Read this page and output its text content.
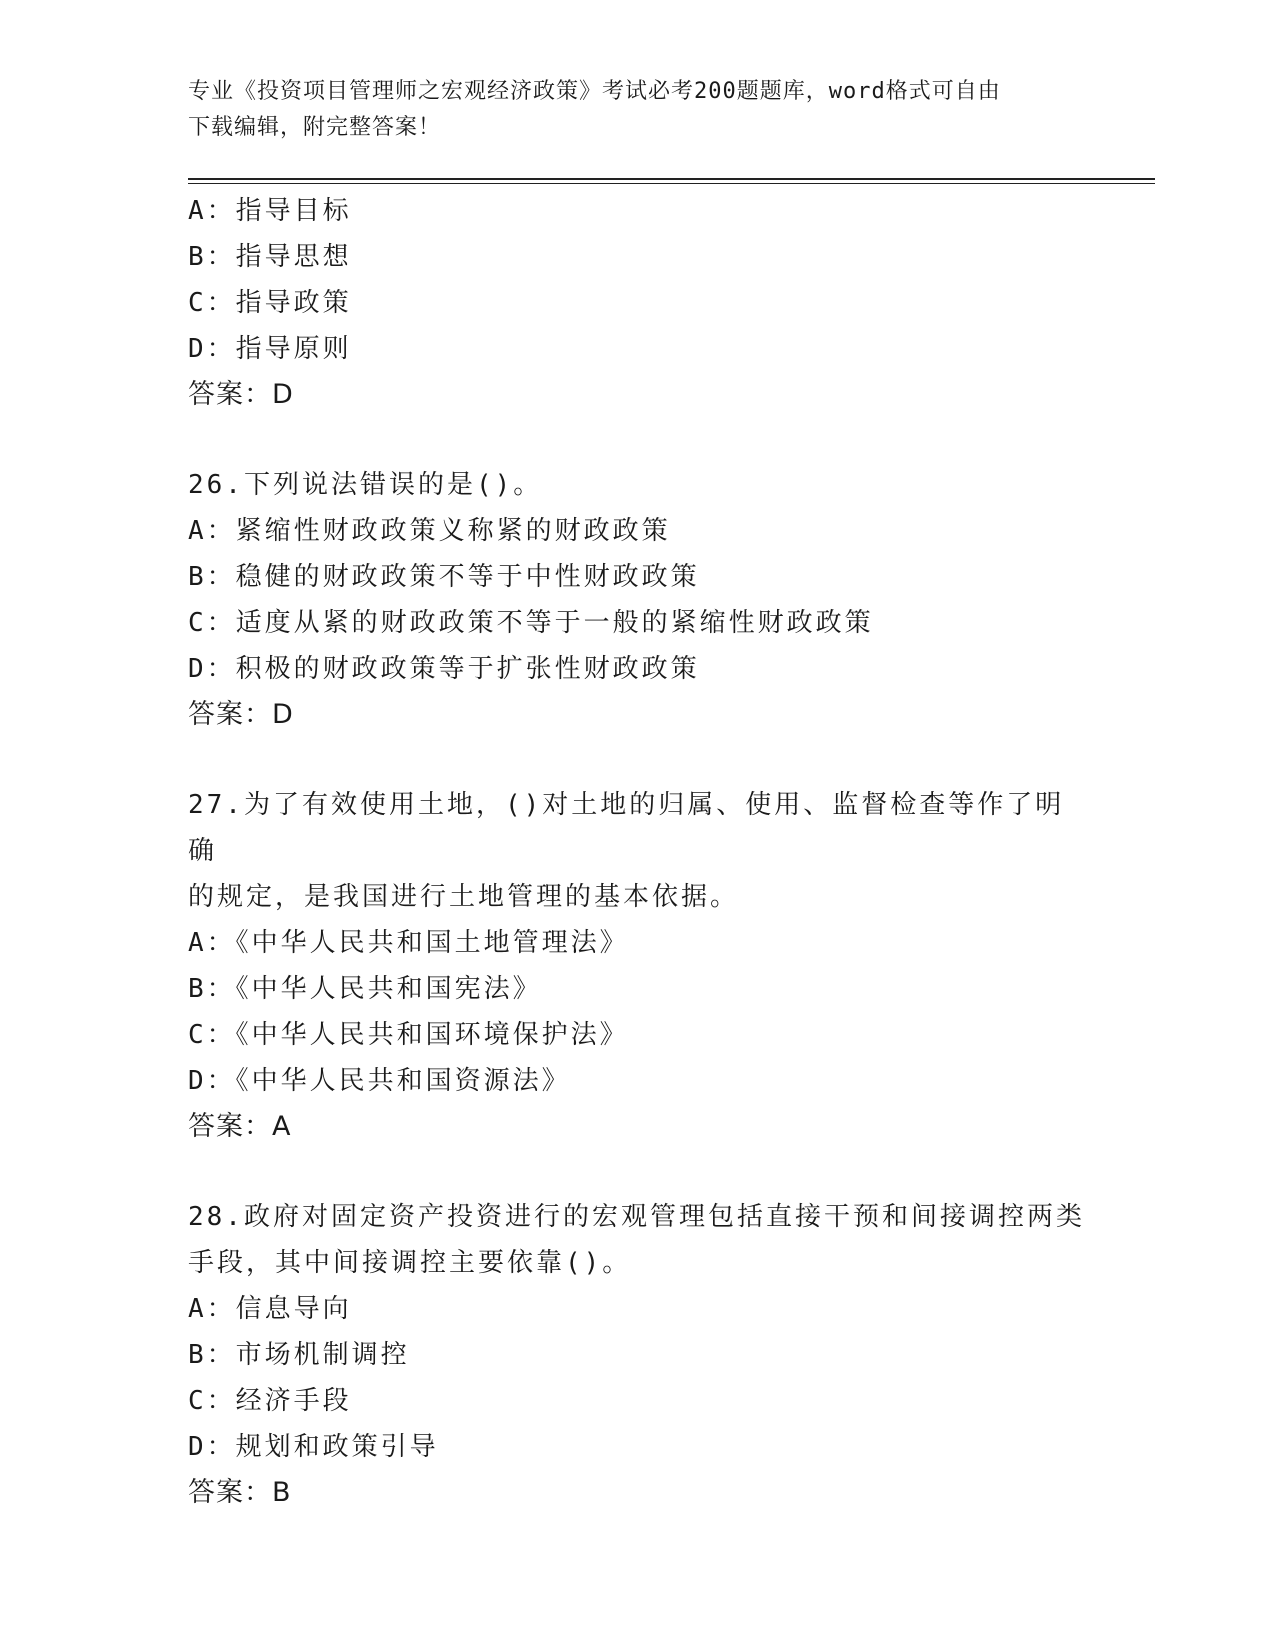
专业《投资项目管理师之宏观经济政策》考试必考200题题库，word格式可自由
下载编辑，附完整答案！
A：指导目标
B：指导思想
C：指导政策
D：指导原则
答案：D
26.下列说法错误的是()。
A：紧缩性财政政策义称紧的财政政策
B：稳健的财政政策不等于中性财政政策
C：适度从紧的财政政策不等于一般的紧缩性财政政策
D：积极的财政政策等于扩张性财政政策
答案：D
27.为了有效使用土地，()对土地的归属、使用、监督检查等作了明确
的规定，是我国进行土地管理的基本依据。
A：《中华人民共和国土地管理法》
B：《中华人民共和国宪法》
C：《中华人民共和国环境保护法》
D：《中华人民共和国资源法》
答案：A
28.政府对固定资产投资进行的宏观管理包括直接干预和间接调控两类
手段，其中间接调控主要依靠()。
A：信息导向
B：市场机制调控
C：经济手段
D：规划和政策引导
答案：B
